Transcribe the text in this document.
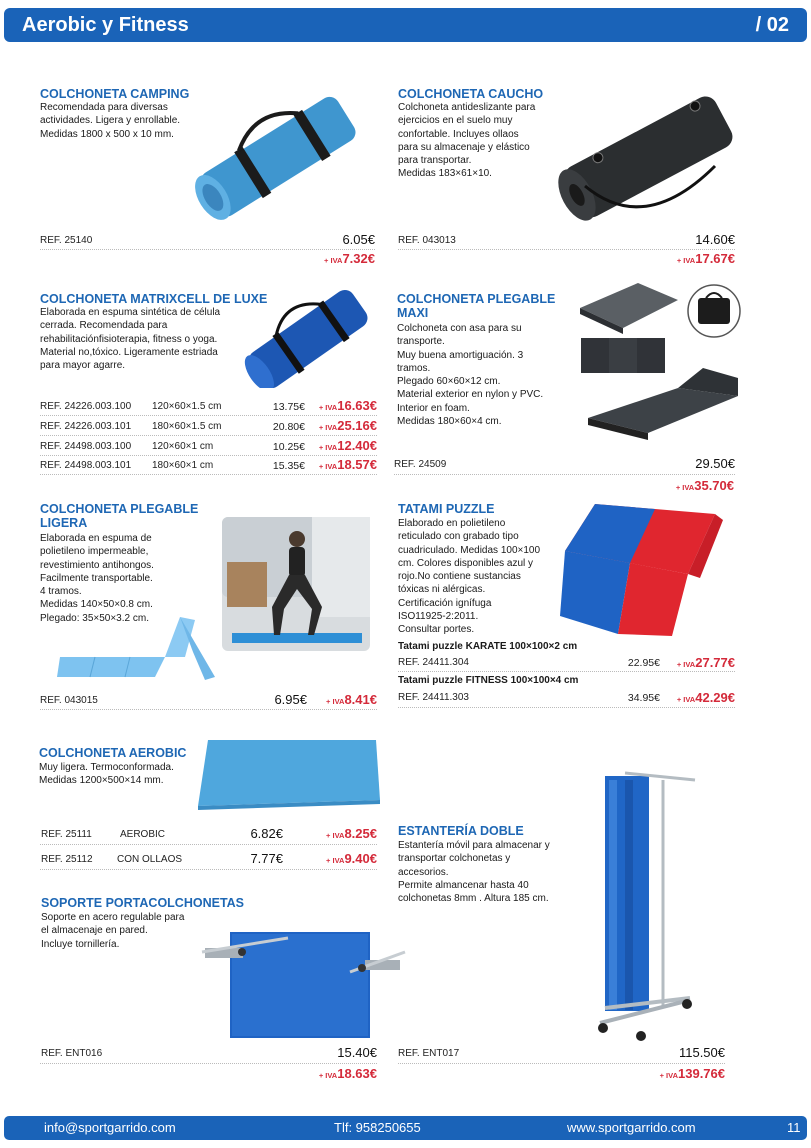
Aerobic y Fitness	/ 02
COLCHONETA CAMPING
Recomendada para diversas
actividades. Ligera y enrollable.
Medidas 1800 x 500 x 10 mm.
REF. 25140	6.05€
+ IVA7.32€
COLCHONETA CAUCHO
Colchoneta antideslizante para
ejercicios en el suelo muy
confortable. Incluyes ollaos
para su almacenaje y elástico
para transportar.
Medidas 183×61×10.
REF. 043013	14.60€
+ IVA17.67€
COLCHONETA MATRIXCELL DE LUXE
Elaborada en espuma sintética de célula
cerrada. Recomendada para
rehabilitaciónfisioterapia, fitness o yoga.
Material no,tóxico. Ligeramente estriada
para mayor agarre.
REF. 24226.003.100 120×60×1.5 cm	13.75€	+ IVA16.63€
REF. 24226.003.101 180×60×1.5 cm	20.80€	+ IVA25.16€
REF. 24498.003.100 120×60×1 cm	10.25€	+ IVA12.40€
REF. 24498.003.101 180×60×1 cm	15.35€	+ IVA18.57€
COLCHONETA PLEGABLE
MAXI
Colchoneta con asa para su
transporte.
Muy buena amortiguación. 3
tramos.
Plegado 60×60×12 cm.
Material exterior en nylon y PVC.
Interior en foam.
Medidas 180×60×4 cm.
REF. 24509	29.50€
+ IVA35.70€
COLCHONETA PLEGABLE
LIGERA
Elaborada en espuma de
polietileno impermeable,
revestimiento antihongos.
Facilmente transportable.
4 tramos.
Medidas 140×50×0.8 cm.
Plegado: 35×50×3.2 cm.
REF. 043015	6.95€	+ IVA8.41€
TATAMI PUZZLE
Elaborado en polietileno
reticulado con grabado tipo
cuadriculado. Medidas 100×100
cm. Colores disponibles azul y
rojo.No contiene sustancias
tóxicas ni alérgicas.
Certificación ignífuga
ISO11925-2:2011.
Consultar portes.
Tatami puzzle KARATE 100×100×2 cm
REF. 24411.304	22.95€	+ IVA27.77€
Tatami puzzle FITNESS 100×100×4 cm
REF. 24411.303	34.95€	+ IVA42.29€
COLCHONETA AEROBIC
Muy ligera. Termoconformada.
Medidas 1200×500×14 mm.
REF. 25111	AEROBIC	6.82€	+ IVA8.25€
REF. 25112 CON OLLAOS	7.77€	+ IVA9.40€
SOPORTE PORTACOLCHONETAS
Soporte en acero regulable para
el almacenaje en pared.
Incluye tornillería.
REF. ENT016	15.40€
+ IVA18.63€
ESTANTERÍA DOBLE
Estantería móvil para almacenar y
transportar colchonetas y
accesorios.
Permite almancenar hasta 40
colchonetas 8mm . Altura 185 cm.
REF. ENT017	115.50€
+ IVA139.76€
info@sportgarrido.com	Tlf: 958250655	www.sportgarrido.com	11
